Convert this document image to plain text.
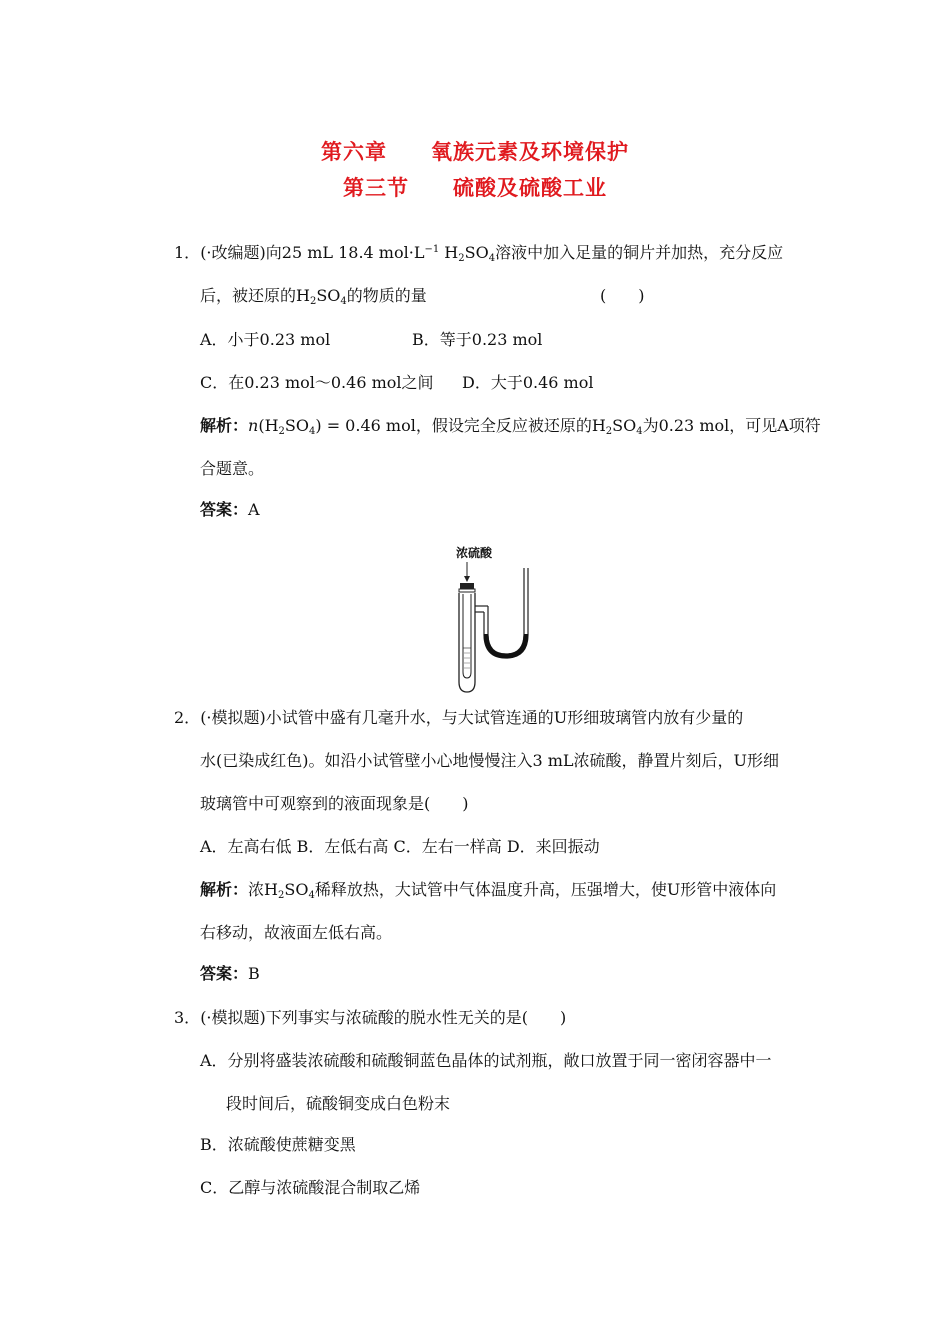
第六章　　氧族元素及环境保护
第三节　　硫酸及硫酸工业
1．(·改编题)向25 mL 18.4 $mol\cdot L^{-1}$ $H_2SO_4$溶液中加入足量的铜片并加热，充分反应
后，被还原的$H_2SO_4$的物质的量	(　　)
A．小于0.23 mol	B．等于0.23 mol
C．在0.23 mol～0.46 mol之间 D．大于0.46 mol
解析：$n(H_2SO_4) = 0.46$ mol，假设完全反应被还原的$H_2SO_4$为0.23 mol，可见A项符
合题意。
答案：A
浓硫酸
2．(·模拟题)小试管中盛有几毫升水，与大试管连通的U形细玻璃管内放有少量的
水(已染成红色)。如沿小试管壁小心地慢慢注入3 mL浓硫酸，静置片刻后，U形细
玻璃管中可观察到的液面现象是(　　)
A．左高右低 B．左低右高 C．左右一样高 D．来回振动
解析：浓$H_2SO_4$稀释放热，大试管中气体温度升高，压强增大，使U形管中液体向
右移动，故液面左低右高。
答案：B
3．(·模拟题)下列事实与浓硫酸的脱水性无关的是(　　)
A．分别将盛装浓硫酸和硫酸铜蓝色晶体的试剂瓶，敞口放置于同一密闭容器中一
段时间后，硫酸铜变成白色粉末
B．浓硫酸使蔗糖变黑
C．乙醇与浓硫酸混合制取乙烯
